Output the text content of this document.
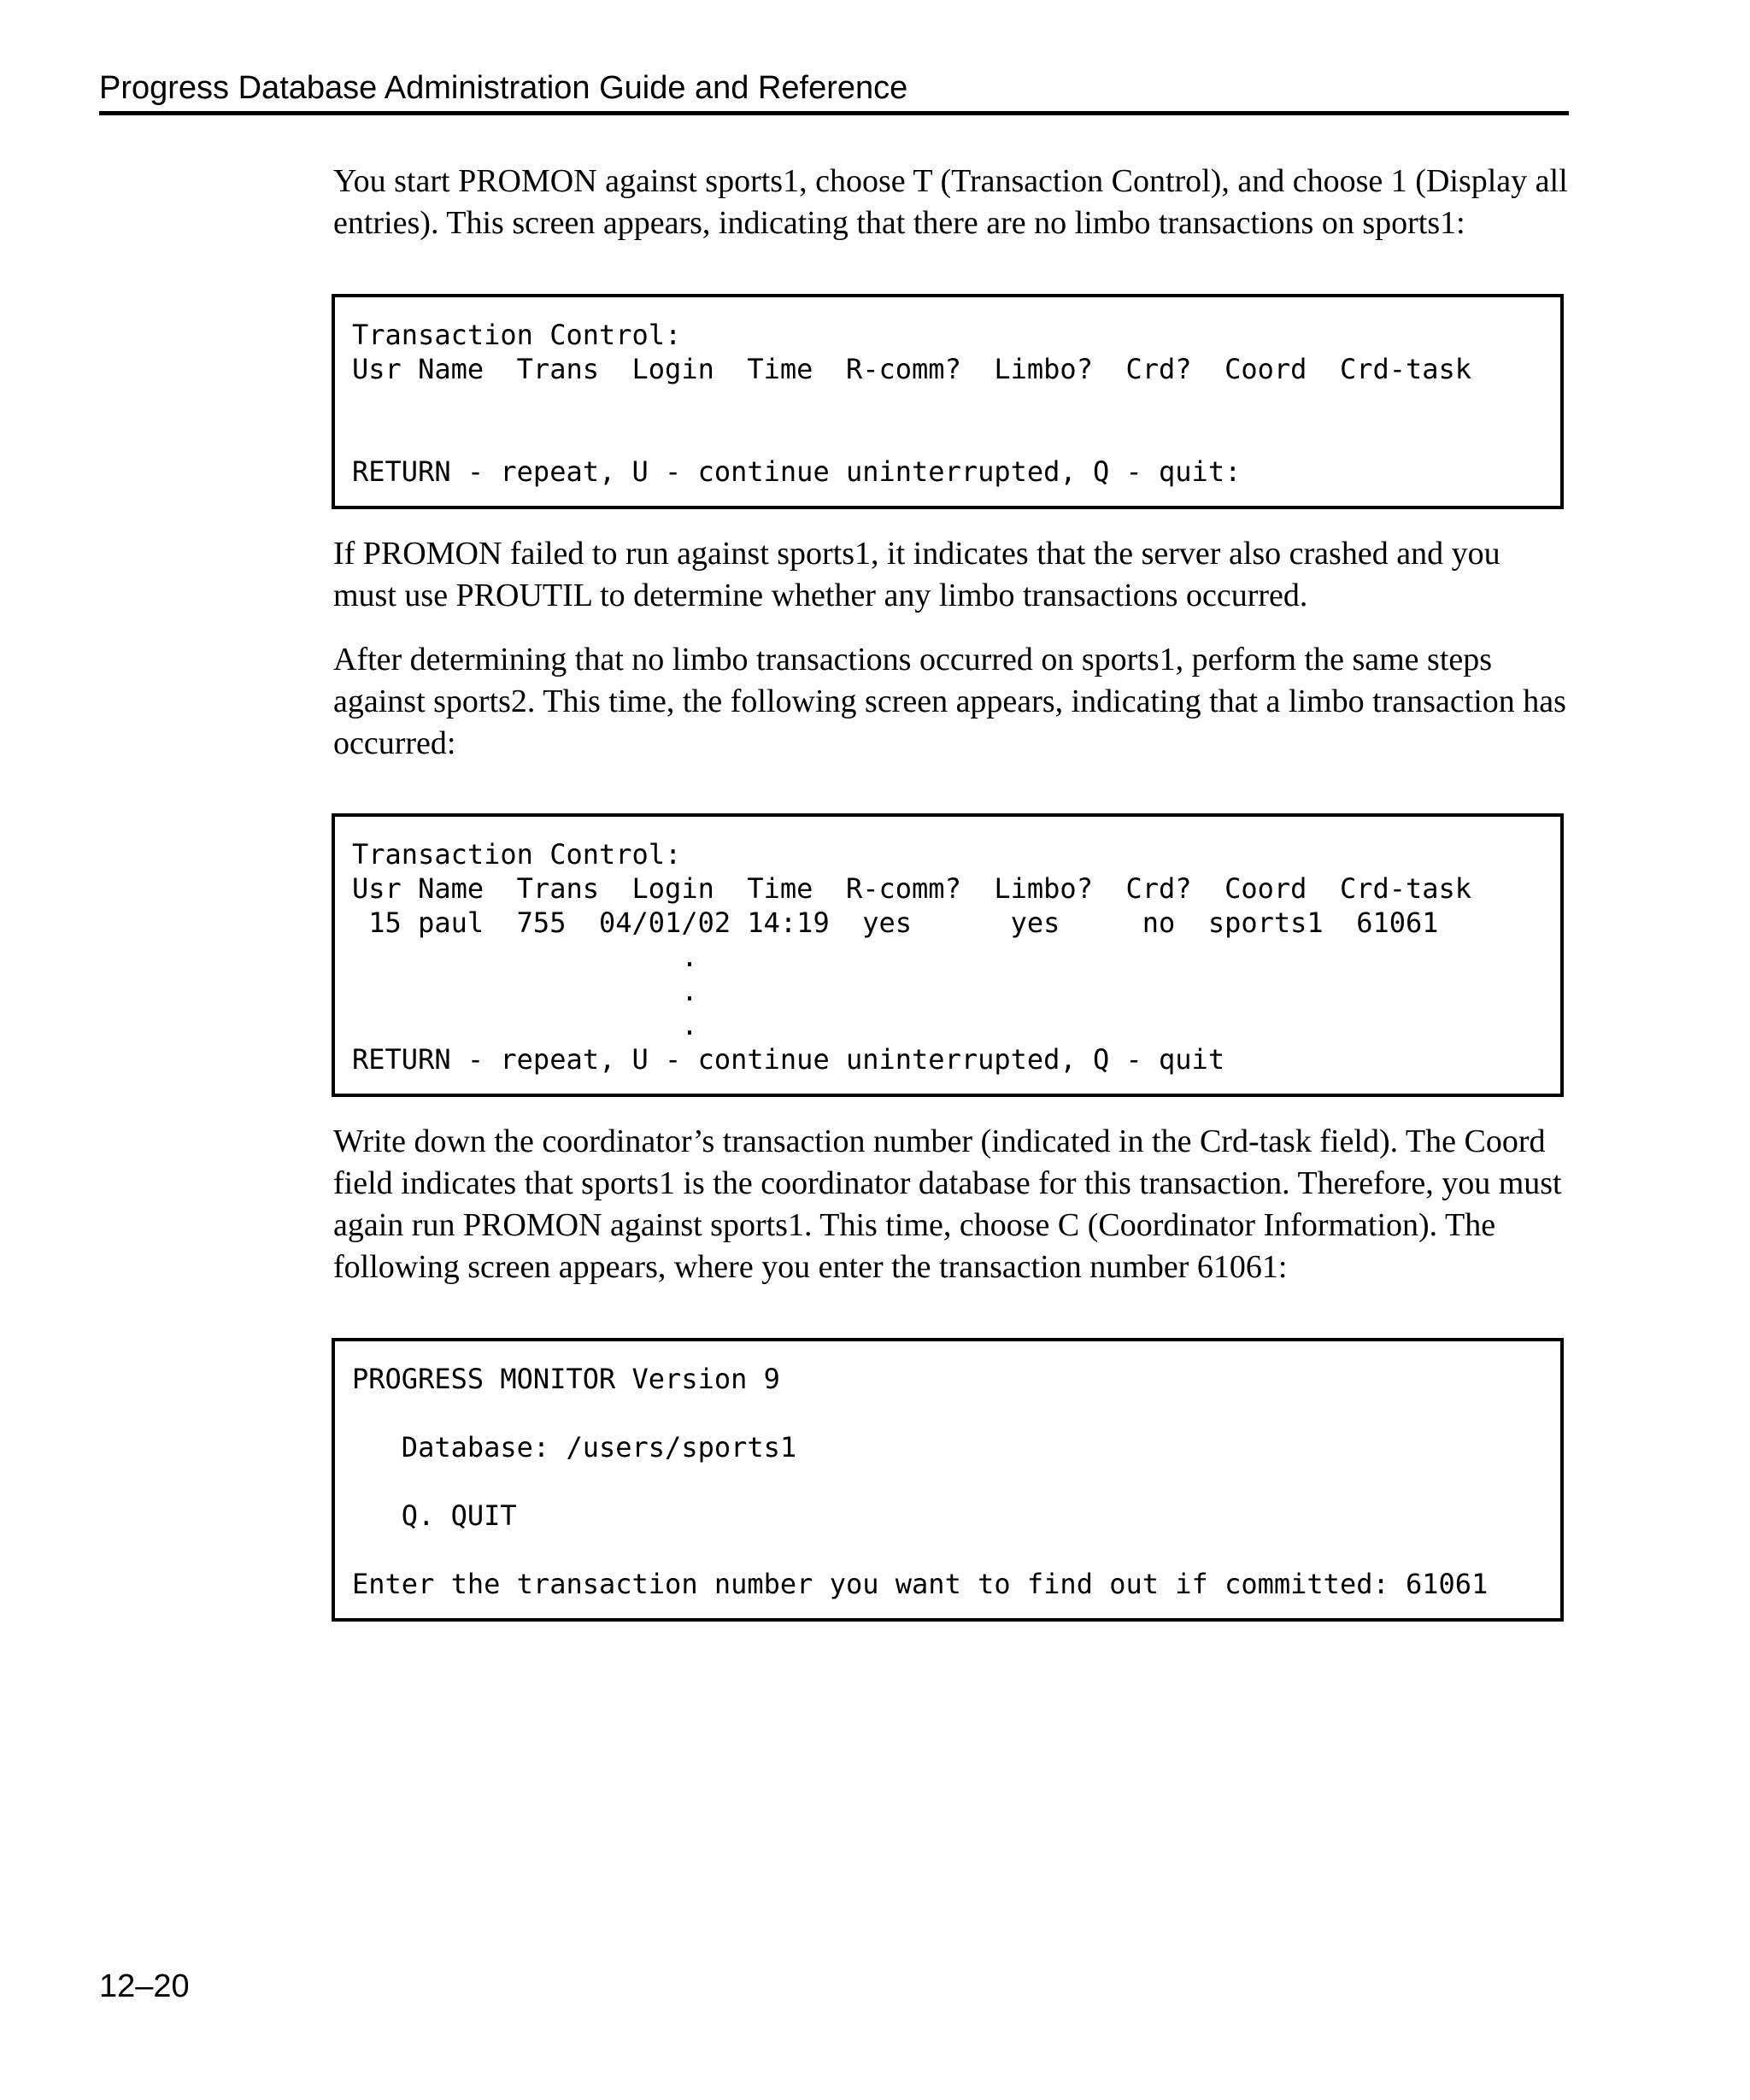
Progress Database Administration Guide and Reference

You start PROMON against sports1, choose T (Transaction Control), and choose 1 (Display all entries). This screen appears, indicating that there are no limbo transactions on sports1:

Transaction Control:
Usr Name  Trans  Login  Time  R-comm?  Limbo?  Crd?  Coord  Crd-task

RETURN - repeat, U - continue uninterrupted, Q - quit:

If PROMON failed to run against sports1, it indicates that the server also crashed and you must use PROUTIL to determine whether any limbo transactions occurred.

After determining that no limbo transactions occurred on sports1, perform the same steps against sports2. This time, the following screen appears, indicating that a limbo transaction has occurred:

Transaction Control:
Usr Name  Trans  Login  Time  R-comm?  Limbo?  Crd?  Coord  Crd-task
15 paul  755  04/01/02 14:19  yes      yes     no  sports1  61061
.
.
.
RETURN - repeat, U - continue uninterrupted, Q - quit

Write down the coordinator’s transaction number (indicated in the Crd-task field). The Coord field indicates that sports1 is the coordinator database for this transaction. Therefore, you must again run PROMON against sports1. This time, choose C (Coordinator Information). The following screen appears, where you enter the transaction number 61061:

PROGRESS MONITOR Version 9

Database: /users/sports1

Q. QUIT

Enter the transaction number you want to find out if committed: 61061
12–20
